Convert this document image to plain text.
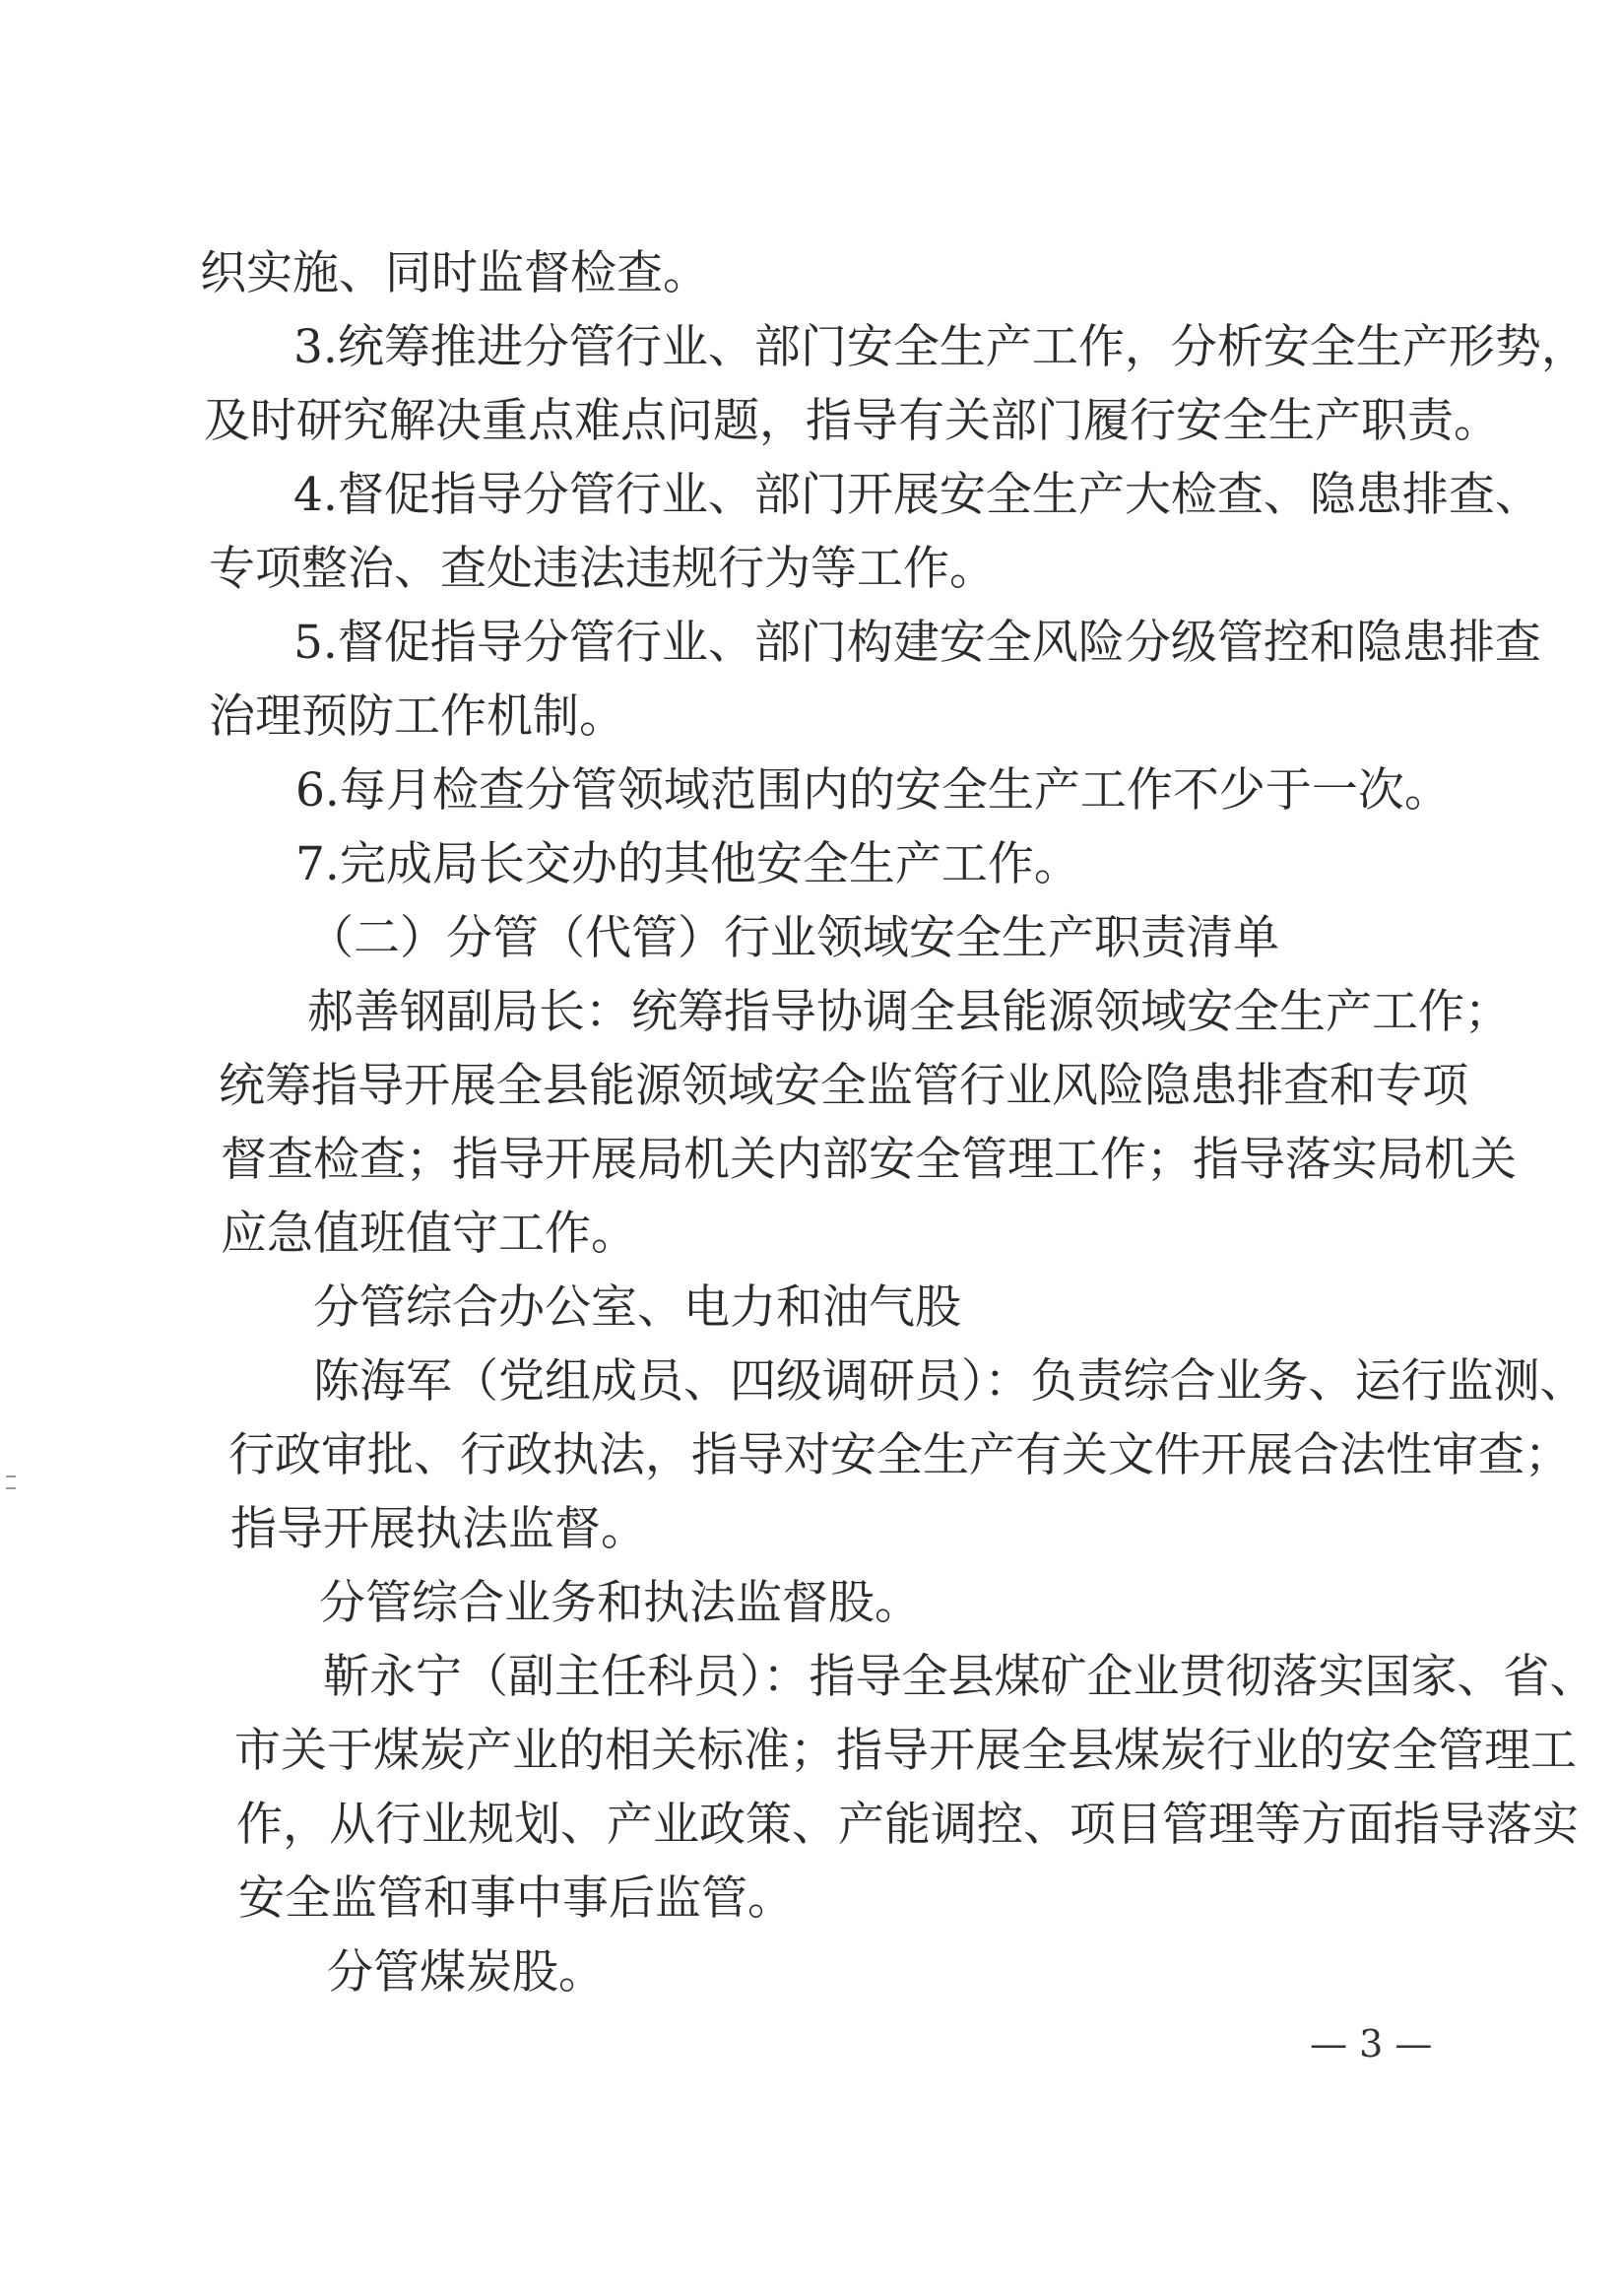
织实施、同时监督检查。
3.统筹推进分管行业、部门安全生产工作，分析安全生产形势，
及时研究解决重点难点问题，指导有关部门履行安全生产职责。
4.督促指导分管行业、部门开展安全生产大检查、隐患排查、
专项整治、查处违法违规行为等工作。
5.督促指导分管行业、部门构建安全风险分级管控和隐患排查
治理预防工作机制。
6.每月检查分管领域范围内的安全生产工作不少于一次。
7.完成局长交办的其他安全生产工作。
（二）分管（代管）行业领域安全生产职责清单
郝善钢副局长：统筹指导协调全县能源领域安全生产工作；
统筹指导开展全县能源领域安全监管行业风险隐患排查和专项
督查检查；指导开展局机关内部安全管理工作；指导落实局机关
应急值班值守工作。
分管综合办公室、电力和油气股
陈海军（党组成员、四级调研员）：负责综合业务、运行监测、
行政审批、行政执法，指导对安全生产有关文件开展合法性审查；
指导开展执法监督。
分管综合业务和执法监督股。
靳永宁（副主任科员）：指导全县煤矿企业贯彻落实国家、省、
市关于煤炭产业的相关标准；指导开展全县煤炭行业的安全管理工
作，从行业规划、产业政策、产能调控、项目管理等方面指导落实
安全监管和事中事后监管。
分管煤炭股。
— 3 —
